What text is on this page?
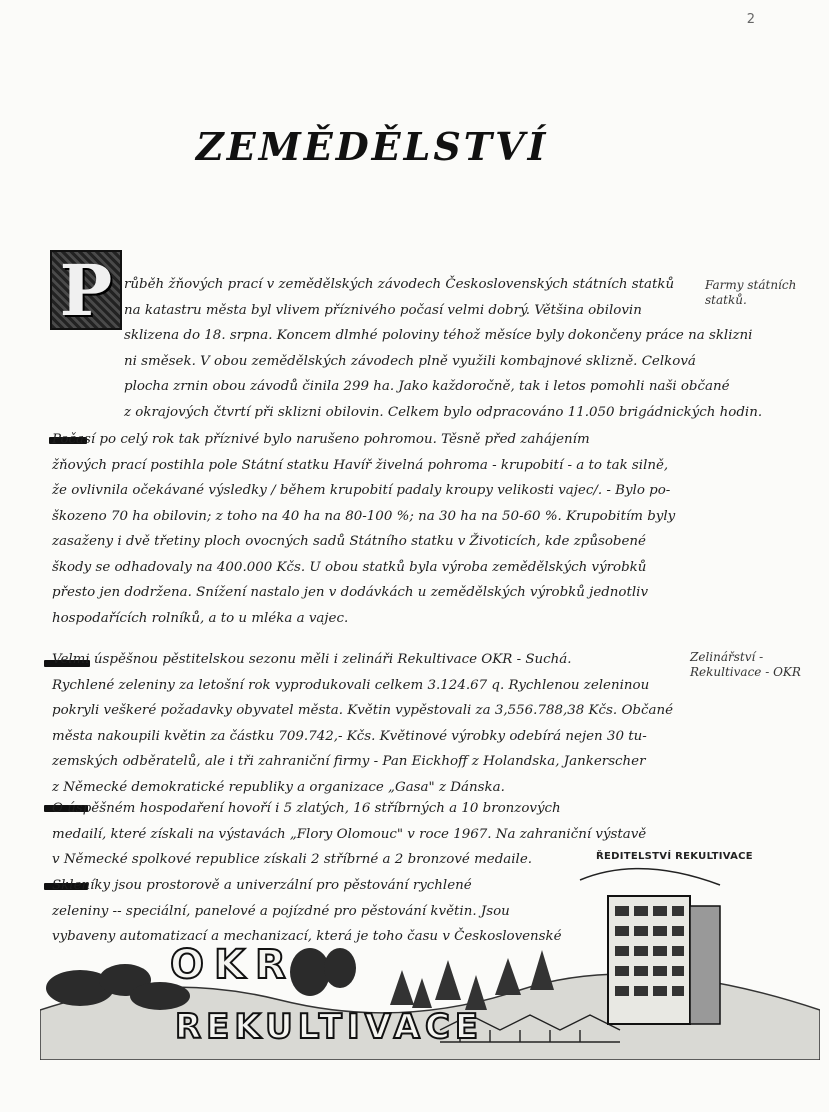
2
ZEMĚDĚLSTVÍ
P růběh žňových prací v zemědělských závodech Československých státních statků
na katastru města byl vlivem příznivého počasí velmi dobrý. Většina obilovin
sklizena do 18. srpna. Koncem dlmhé poloviny téhož měsíce byly dokončeny práce na sklizni
ni směsek. V obou zemědělských závodech plně využili kombajnové sklizně. Celková
plocha zrnin obou závodů činila 299 ha. Jako každoročně, tak i letos pomohli naši občané
z okrajových čtvrtí při sklizni obilovin. Celkem bylo odpracováno 11.050 brigádnických hodin.
Počasí po celý rok tak příznivé bylo narušeno pohromou. Těsně před zahájením
žňových prací postihla pole Státní statku Havíř živelná pohroma - krupobití - a to tak silně,
že ovlivnila očekávané výsledky / během krupobití padaly kroupy velikosti vajec/. - Bylo po-
škozeno 70 ha obilovin; z toho na 40 ha na 80-100 %; na 30 ha na 50-60 %. Krupobitím byly
zasaženy i dvě třetiny ploch ovocných sadů Státního statku v Životicích, kde způsobené
škody se odhadovaly na 400.000 Kčs. U obou statků byla výroba zemědělských výrobků
přesto jen dodržena. Snížení nastalo jen v dodávkách u zemědělských výrobků jednotliv
hospodařících rolníků, a to u mléka a vajec.
Velmi úspěšnou pěstitelskou sezonu měli i zelináři Rekultivace OKR - Suchá.
Rychlené zeleniny za letošní rok vyprodukovali celkem 3.124.67 q. Rychlenou zeleninou
pokryli veškeré požadavky obyvatel města. Květin vypěstovali za 3,556.788,38 Kčs. Občané
města nakoupili květin za částku 709.742,- Kčs. Květinové výrobky odebírá nejen 30 tu-
zemských odběratelů, ale i tři zahraniční firmy - Pan Eickhoff z Holandska, Jankerscher
z Německé demokratické republiky a organizace „Gasa" z Dánska.
O úspěšném hospodaření hovoří i 5 zlatých, 16 stříbrných a 10 bronzových
medailí, které získali na výstavách „Flory Olomouc" v roce 1967. Na zahraniční výstavě
v Německé spolkové republice získali 2 stříbrné a 2 bronzové medaile.
Skleníky jsou prostorově a univerzální pro pěstování rychlené
zeleniny -- speciální, panelové a pojízdné pro pěstování květin. Jsou
vybaveny automatizací a mechanizací, která je toho času v Československé
Farmy státních
statků.
Zelinářství -
Rekultivace - OKR
ŘEDITELSTVÍ REKULTIVACE
OKR
REKULTIVACE
